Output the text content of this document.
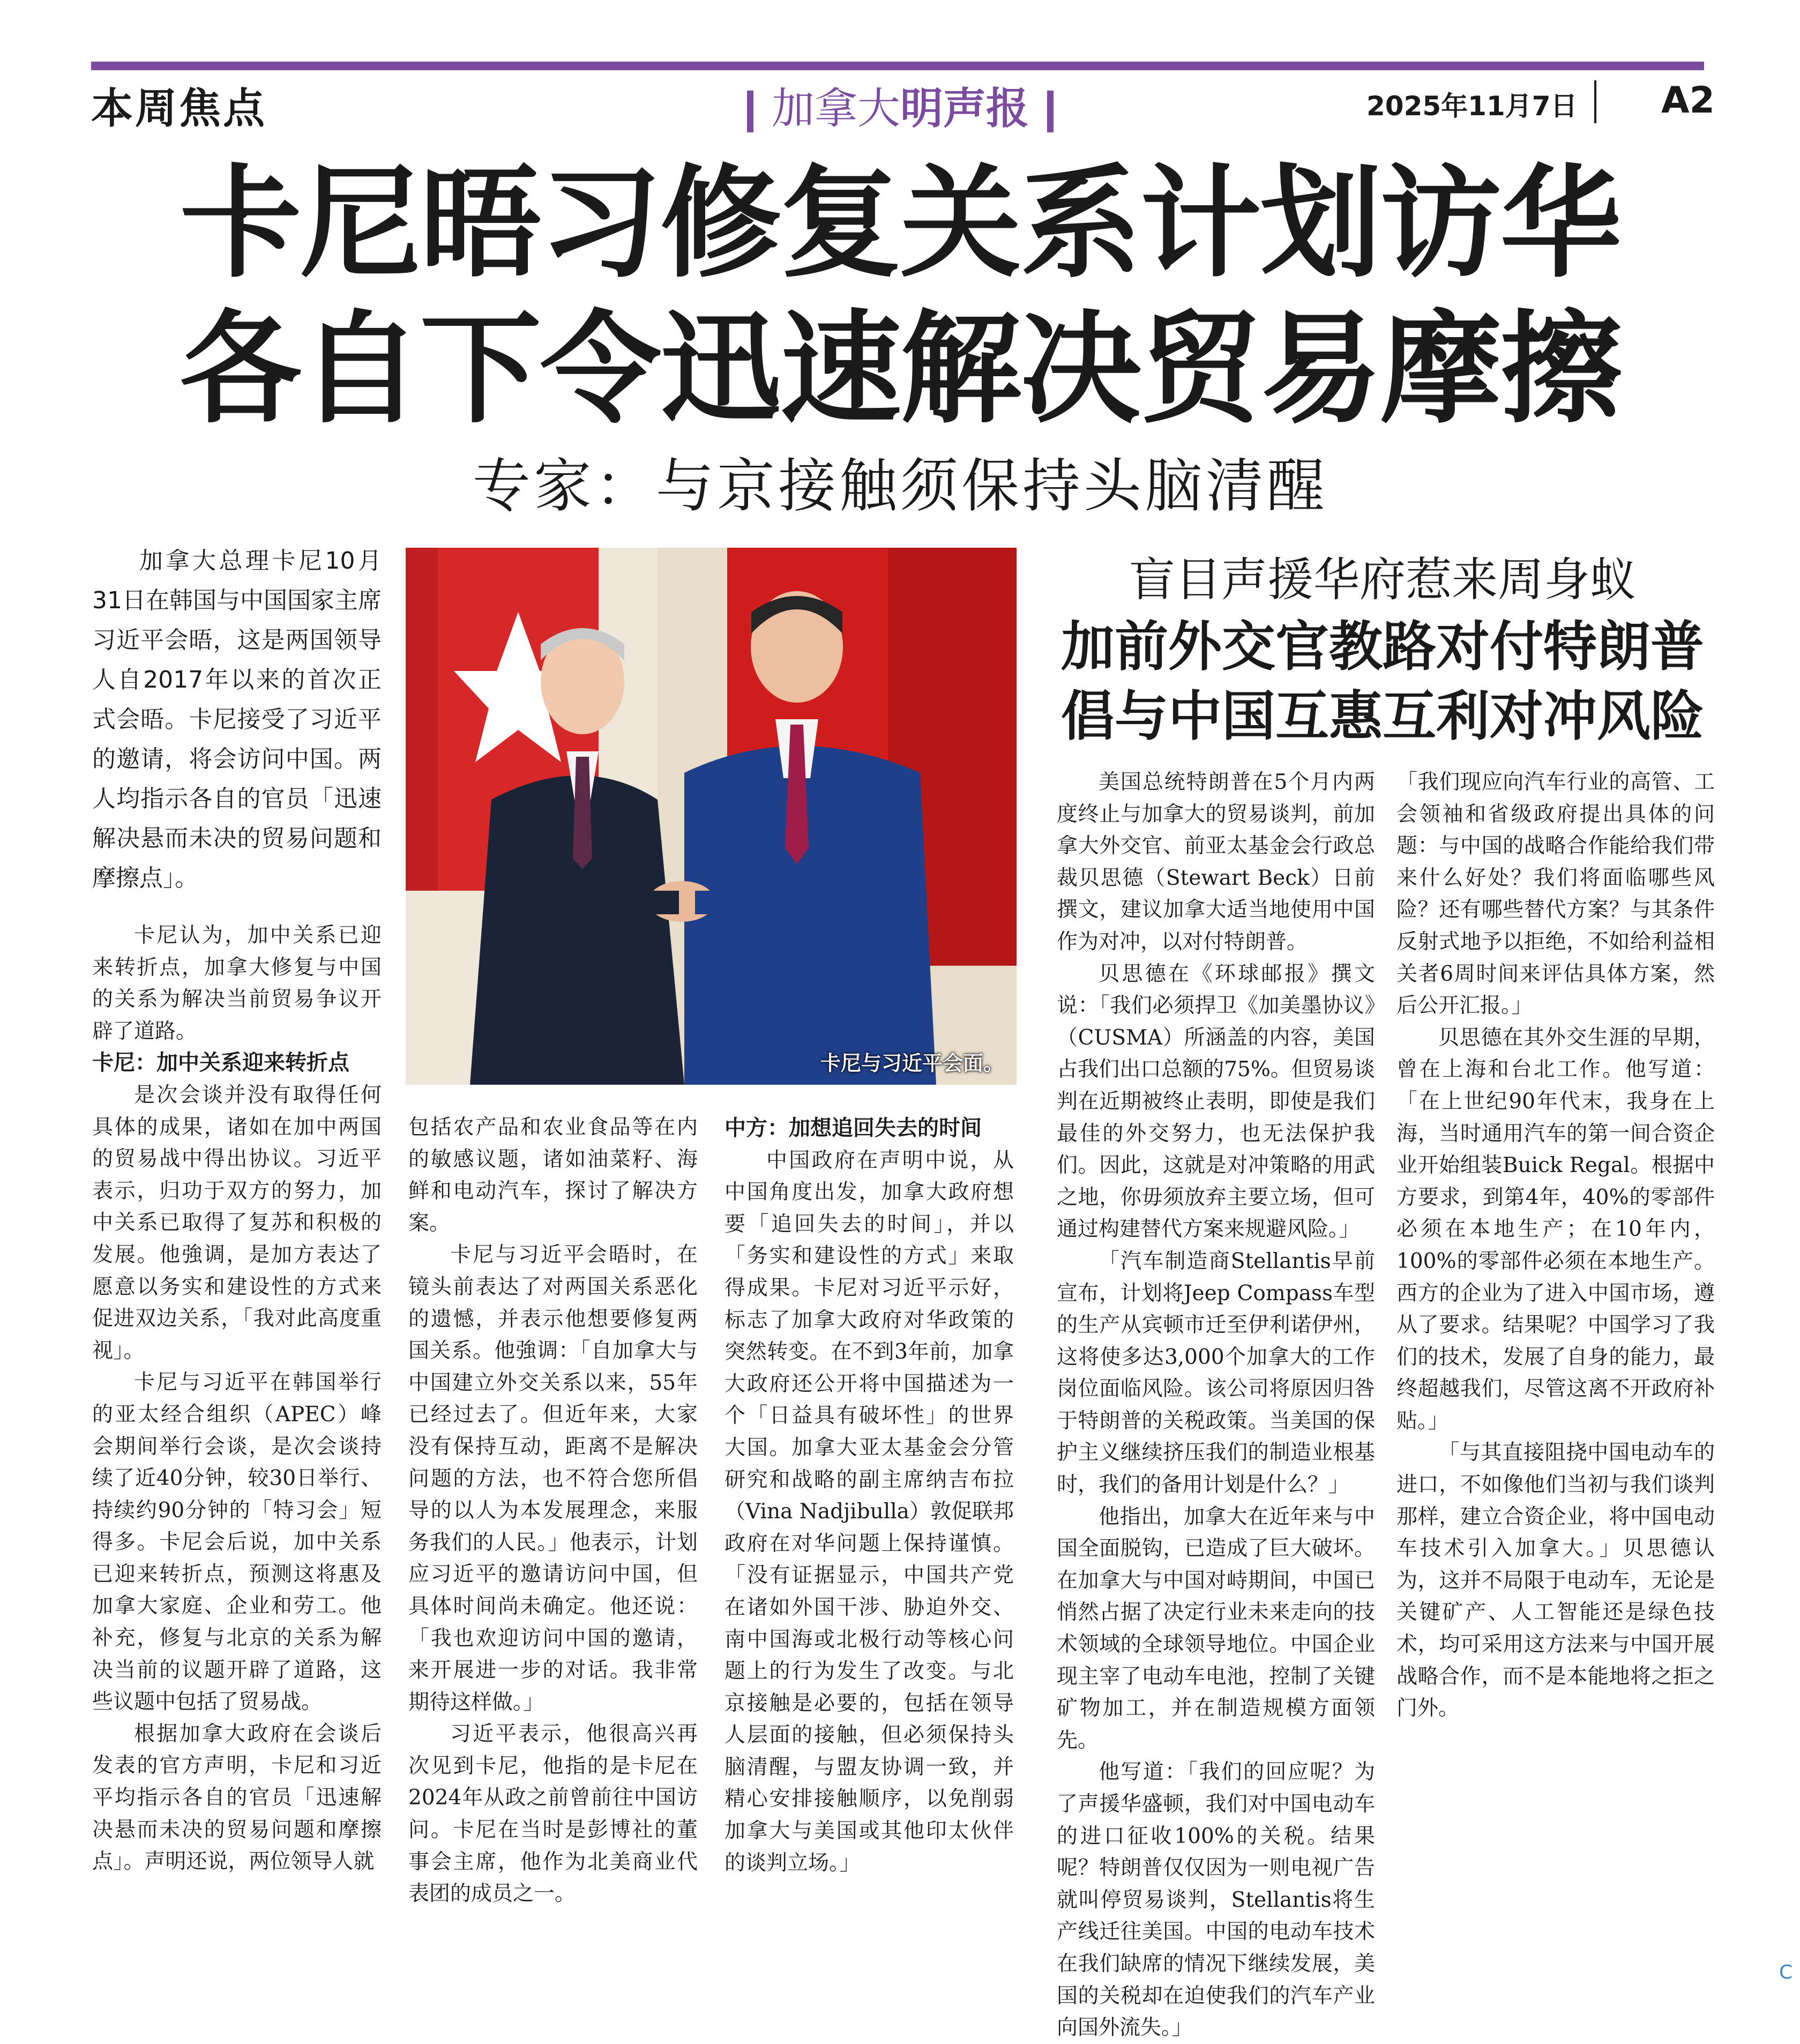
本周焦点	加拿大明声报	2025年11月7日 A2
卡尼晤习修复关系计划访华
各自下令迅速解决贸易摩擦
专家：与京接触须保持头脑清醒

加拿大总理卡尼10月31日在韩国与中国国家主席习近平会晤，这是两国领导人自2017年以来的首次正式会晤。卡尼接受了习近平的邀请，将会访问中国。两人均指示各自的官员「迅速解决悬而未决的贸易问题和摩擦点」。

卡尼认为，加中关系已迎来转折点，加拿大修复与中国的关系为解决当前贸易争议开辟了道路。

卡尼：加中关系迎来转折点

是次会谈并没有取得任何具体的成果，诸如在加中两国的贸易战中得出协议。习近平表示，归功于双方的努力，加中关系已取得了复苏和积极的发展。他強调，是加方表达了愿意以务实和建设性的方式来促进双边关系，「我对此高度重视」。

卡尼与习近平在韩国举行的亚太经合组织（APEC）峰会期间举行会谈，是次会谈持续了近40分钟，较30日举行、持续约90分钟的「特习会」短得多。卡尼会后说，加中关系已迎来转折点，预测这将惠及加拿大家庭、企业和劳工。他补充，修复与北京的关系为解决当前的议题开辟了道路，这些议题中包括了贸易战。

根据加拿大政府在会谈后发表的官方声明，卡尼和习近平均指示各自的官员「迅速解决悬而未决的贸易问题和摩擦点」。声明还说，两位领导人就

卡尼与习近平会面。

包括农产品和农业食品等在内的敏感议题，诸如油菜籽、海鲜和电动汽车，探讨了解决方案。

卡尼与习近平会晤时，在镜头前表达了对两国关系恶化的遗憾，并表示他想要修复两国关系。他強调：「自加拿大与中国建立外交关系以来，55年已经过去了。但近年来，大家没有保持互动，距离不是解决问题的方法，也不符合您所倡导的以人为本发展理念，来服务我们的人民。」他表示，计划应习近平的邀请访问中国，但具体时间尚未确定。他还说：「我也欢迎访问中国的邀请，来开展进一步的对话。我非常期待这样做。」

习近平表示，他很高兴再次见到卡尼，他指的是卡尼在2024年从政之前曾前往中国访问。卡尼在当时是彭博社的董事会主席，他作为北美商业代表团的成员之一。

中方：加想追回失去的时间

中国政府在声明中说，从中国角度出发，加拿大政府想要「追回失去的时间」，并以「务实和建设性的方式」来取得成果。卡尼对习近平示好，标志了加拿大政府对华政策的突然转变。在不到3年前，加拿大政府还公开将中国描述为一个「日益具有破坏性」的世界大国。加拿大亚太基金会分管研究和战略的副主席纳吉布拉（Vina Nadjibulla）敦促联邦政府在对华问题上保持谨慎。「没有证据显示，中国共产党在诸如外国干涉、胁迫外交、南中国海或北极行动等核心问题上的行为发生了改变。与北京接触是必要的，包括在领导人层面的接触，但必须保持头脑清醒，与盟友协调一致，并精心安排接触顺序，以免削弱加拿大与美国或其他印太伙伴的谈判立场。」

盲目声援华府惹来周身蚁
加前外交官教路对付特朗普
倡与中国互惠互利对冲风险

美国总统特朗普在5个月内两度终止与加拿大的贸易谈判，前加拿大外交官、前亚太基金会行政总裁贝思德（Stewart Beck）日前撰文，建议加拿大适当地使用中国作为对冲，以对付特朗普。

贝思德在《环球邮报》撰文说：「我们必须捍卫《加美墨协议》（CUSMA）所涵盖的内容，美国占我们出口总额的75%。但贸易谈判在近期被终止表明，即使是我们最佳的外交努力，也无法保护我们。因此，这就是对冲策略的用武之地，你毋须放弃主要立场，但可通过构建替代方案来规避风险。」

「汽车制造商Stellantis早前宣布，计划将Jeep Compass车型的生产从宾顿市迁至伊利诺伊州，这将使多达3,000个加拿大的工作岗位面临风险。该公司将原因归咎于特朗普的关税政策。当美国的保护主义继续挤压我们的制造业根基时，我们的备用计划是什么？」

他指出，加拿大在近年来与中国全面脱钩，已造成了巨大破坏。在加拿大与中国对峙期间，中国已悄然占据了决定行业未来走向的技术领域的全球领导地位。中国企业现主宰了电动车电池，控制了关键矿物加工，并在制造规模方面领先。

他写道：「我们的回应呢？为了声援华盛顿，我们对中国电动车的进口征收100%的关税。结果呢？特朗普仅仅因为一则电视广告就叫停贸易谈判，Stellantis将生产线迁往美国。中国的电动车技术在我们缺席的情况下继续发展，美国的关税却在迫使我们的汽车产业向国外流失。」

「我们现应向汽车行业的高管、工会领袖和省级政府提出具体的问题：与中国的战略合作能给我们带来什么好处？我们将面临哪些风险？还有哪些替代方案？与其条件反射式地予以拒绝，不如给利益相关者6周时间来评估具体方案，然后公开汇报。」

贝思德在其外交生涯的早期，曾在上海和台北工作。他写道：「在上世纪90年代末，我身在上海，当时通用汽车的第一间合资企业开始组装Buick Regal。根据中方要求，到第4年，40%的零部件必须在本地生产；在10年内，100%的零部件必须在本地生产。西方的企业为了进入中国市场，遵从了要求。结果呢？中国学习了我们的技术，发展了自身的能力，最终超越我们，尽管这离不开政府补贴。」

「与其直接阻挠中国电动车的进口，不如像他们当初与我们谈判那样，建立合资企业，将中国电动车技术引入加拿大。」贝思德认为，这并不局限于电动车，无论是关键矿产、人工智能还是绿色技术，均可采用这方法来与中国开展战略合作，而不是本能地将之拒之门外。

C
